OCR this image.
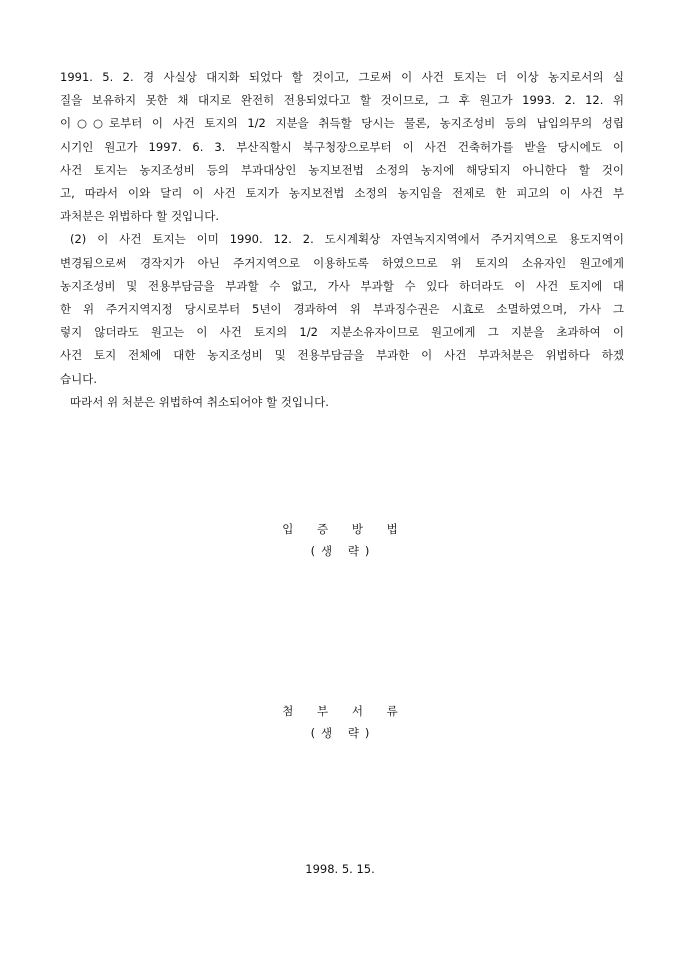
1991. 5. 2. 경 사실상 대지화 되었다 할 것이고, 그로써 이 사건 토지는 더 이상 농지로서의 실
질을 보유하지 못한 채 대지로 완전히 전용되었다고 할 것이므로, 그 후 원고가 1993. 2. 12. 위
이○○로부터 이 사건 토지의 1/2 지분을 취득할 당시는 물론, 농지조성비 등의 납입의무의 성립
시기인 원고가 1997. 6. 3. 부산직할시 북구청장으로부터 이 사건 건축허가를 받을 당시에도 이
사건 토지는 농지조성비 등의 부과대상인 농지보전법 소정의 농지에 해당되지 아니한다 할 것이
고, 따라서 이와 달리 이 사건 토지가 농지보전법 소정의 농지임을 전제로 한 피고의 이 사건 부
과처분은 위법하다 할 것입니다.
(2) 이 사건 토지는 이미 1990. 12. 2. 도시계획상 자연녹지지역에서 주거지역으로 용도지역이
변경됨으로써 경작지가 아닌 주거지역으로 이용하도록 하였으므로 위 토지의 소유자인 원고에게
농지조성비 및 전용부담금을 부과할 수 없고, 가사 부과할 수 있다 하더라도 이 사건 토지에 대
한 위 주거지역지정 당시로부터 5년이 경과하여 위 부과징수권은 시효로 소멸하였으며, 가사 그
렇지 않더라도 원고는 이 사건 토지의 1/2 지분소유자이므로 원고에게 그 지분을 초과하여 이
사건 토지 전체에 대한 농지조성비 및 전용부담금을 부과한 이 사건 부과처분은 위법하다 하겠
습니다.
따라서 위 처분은 위법하여 취소되어야 할 것입니다.
입 증 방 법
(생 략)
첨 부 서 류
(생 략)
1998. 5. 15.
